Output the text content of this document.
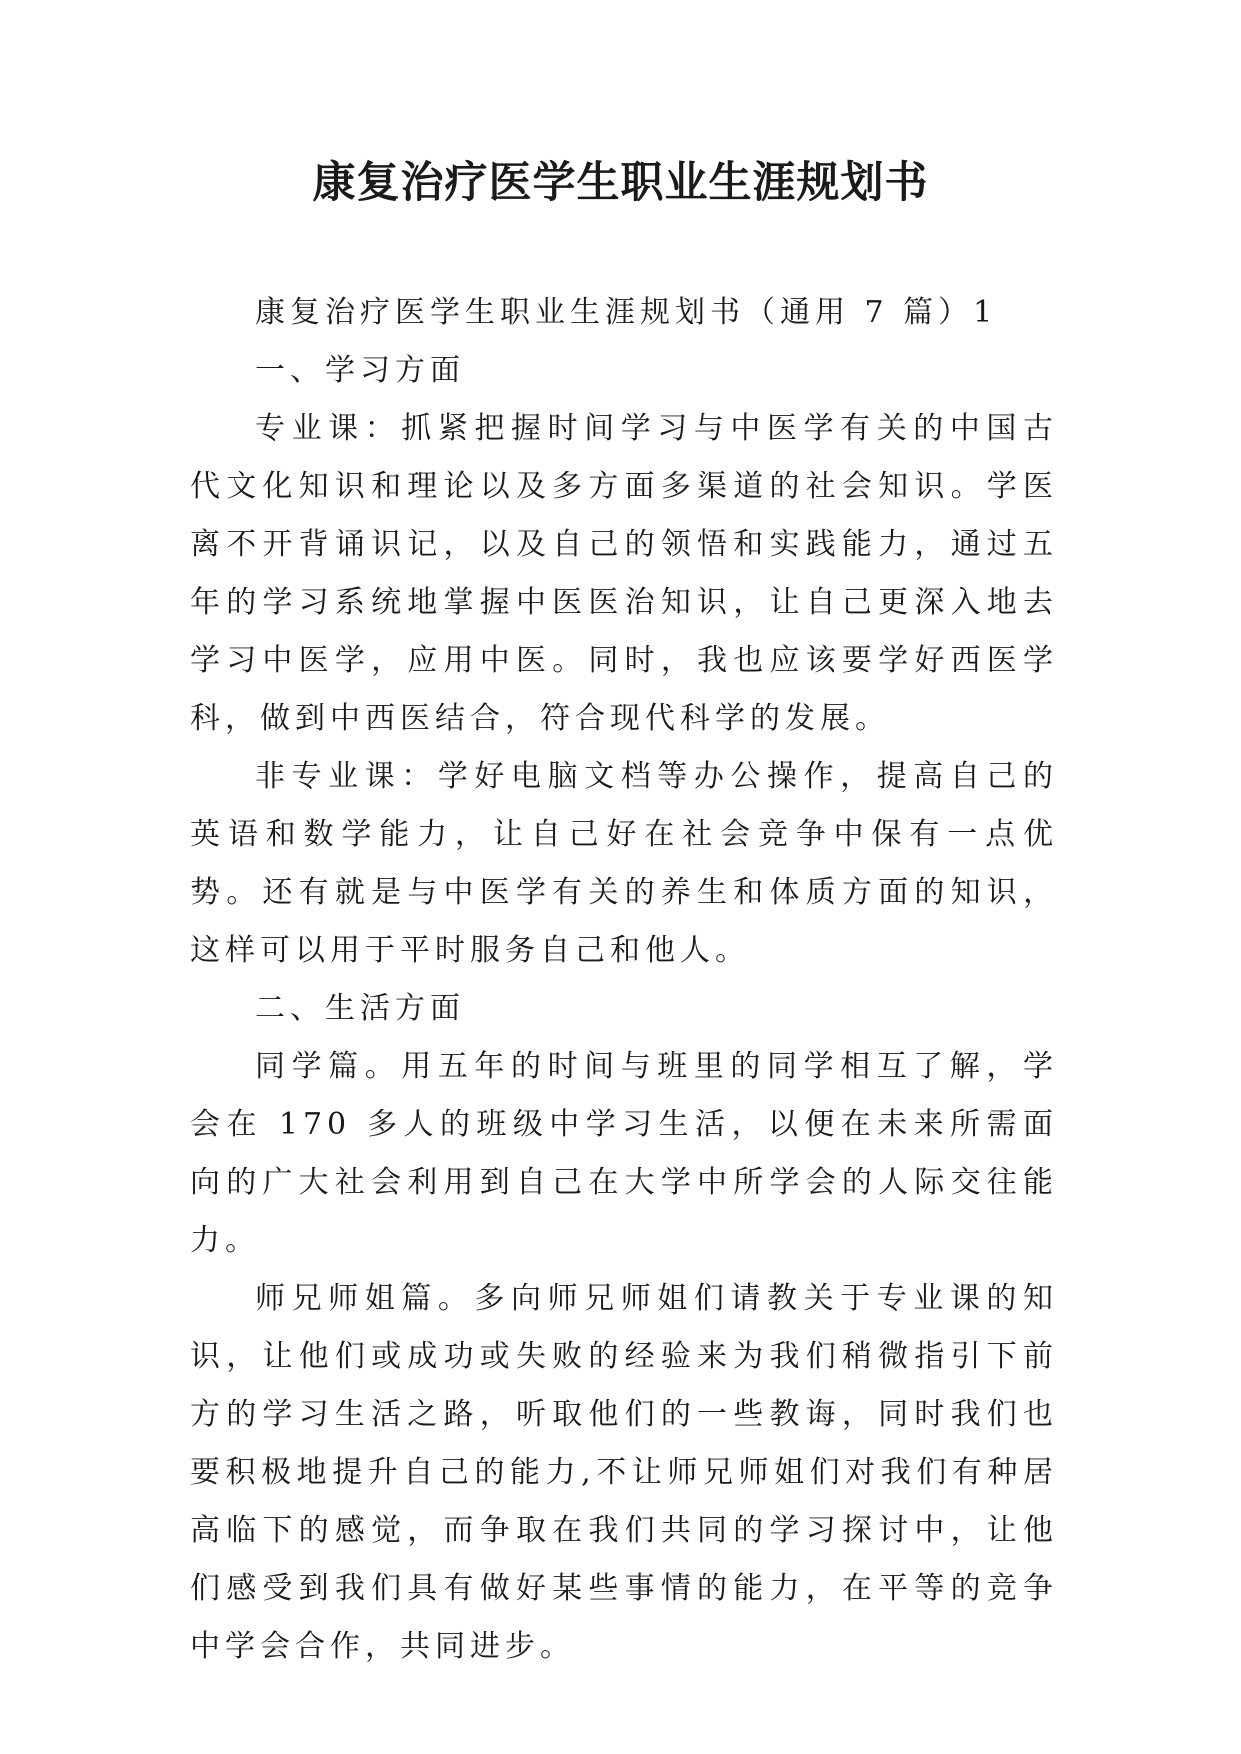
康复治疗医学生职业生涯规划书

康复治疗医学生职业生涯规划书（通用 7 篇）1

一、学习方面

专业课：抓紧把握时间学习与中医学有关的中国古代文化知识和理论以及多方面多渠道的社会知识。学医离不开背诵识记，以及自己的领悟和实践能力，通过五年的学习系统地掌握中医医治知识，让自己更深入地去学习中医学，应用中医。同时，我也应该要学好西医学科，做到中西医结合，符合现代科学的发展。

非专业课：学好电脑文档等办公操作，提高自己的英语和数学能力，让自己好在社会竞争中保有一点优势。还有就是与中医学有关的养生和体质方面的知识，这样可以用于平时服务自己和他人。

二、生活方面

同学篇。用五年的时间与班里的同学相互了解，学会在 170 多人的班级中学习生活，以便在未来所需面向的广大社会利用到自己在大学中所学会的人际交往能力。

师兄师姐篇。多向师兄师姐们请教关于专业课的知识，让他们或成功或失败的经验来为我们稍微指引下前方的学习生活之路，听取他们的一些教诲，同时我们也要积极地提升自己的能力,不让师兄师姐们对我们有种居高临下的感觉，而争取在我们共同的学习探讨中，让他们感受到我们具有做好某些事情的能力，在平等的竞争中学会合作，共同进步。
